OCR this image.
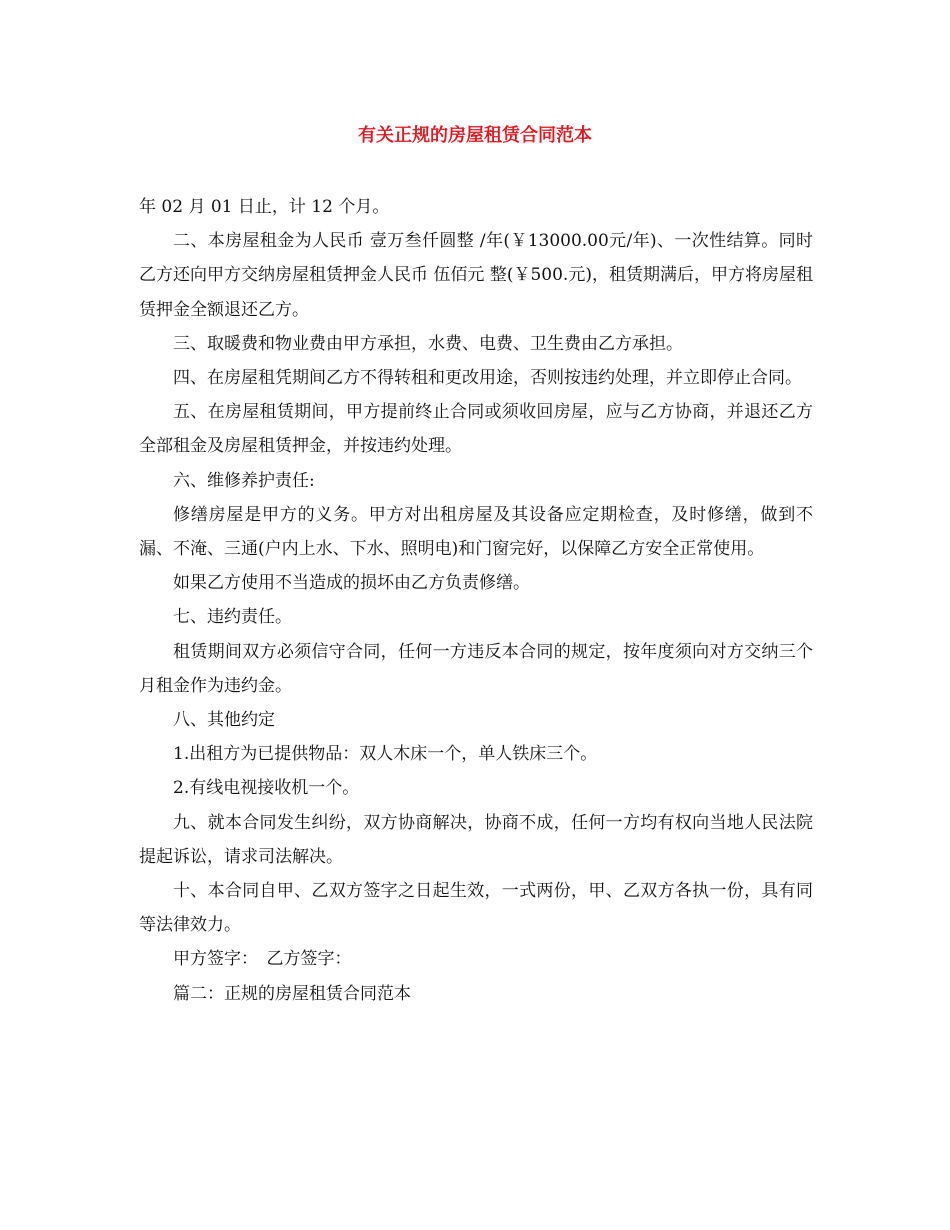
有关正规的房屋租赁合同范本

年 02 月 01 日止，计 12 个月。

二、本房屋租金为人民币 壹万叁仟圆整 /年(￥13000.00元/年)、一次性结算。同时乙方还向甲方交纳房屋租赁押金人民币 伍佰元 整(￥500.元)，租赁期满后，甲方将房屋租赁押金全额退还乙方。

三、取暖费和物业费由甲方承担，水费、电费、卫生费由乙方承担。

四、在房屋租凭期间乙方不得转租和更改用途，否则按违约处理，并立即停止合同。

五、在房屋租赁期间，甲方提前终止合同或须收回房屋，应与乙方协商，并退还乙方全部租金及房屋租赁押金，并按违约处理。

六、维修养护责任:

修缮房屋是甲方的义务。甲方对出租房屋及其设备应定期检查，及时修缮，做到不漏、不淹、三通(户内上水、下水、照明电)和门窗完好，以保障乙方安全正常使用。

如果乙方使用不当造成的损坏由乙方负责修缮。

七、违约责任。

租赁期间双方必须信守合同，任何一方违反本合同的规定，按年度须向对方交纳三个月租金作为违约金。

八、其他约定

1.出租方为已提供物品：双人木床一个，单人铁床三个。

2.有线电视接收机一个。

九、就本合同发生纠纷，双方协商解决，协商不成，任何一方均有权向当地人民法院提起诉讼，请求司法解决。

十、本合同自甲、乙双方签字之日起生效，一式两份，甲、乙双方各执一份，具有同等法律效力。

甲方签字：　乙方签字：

篇二：正规的房屋租赁合同范本
